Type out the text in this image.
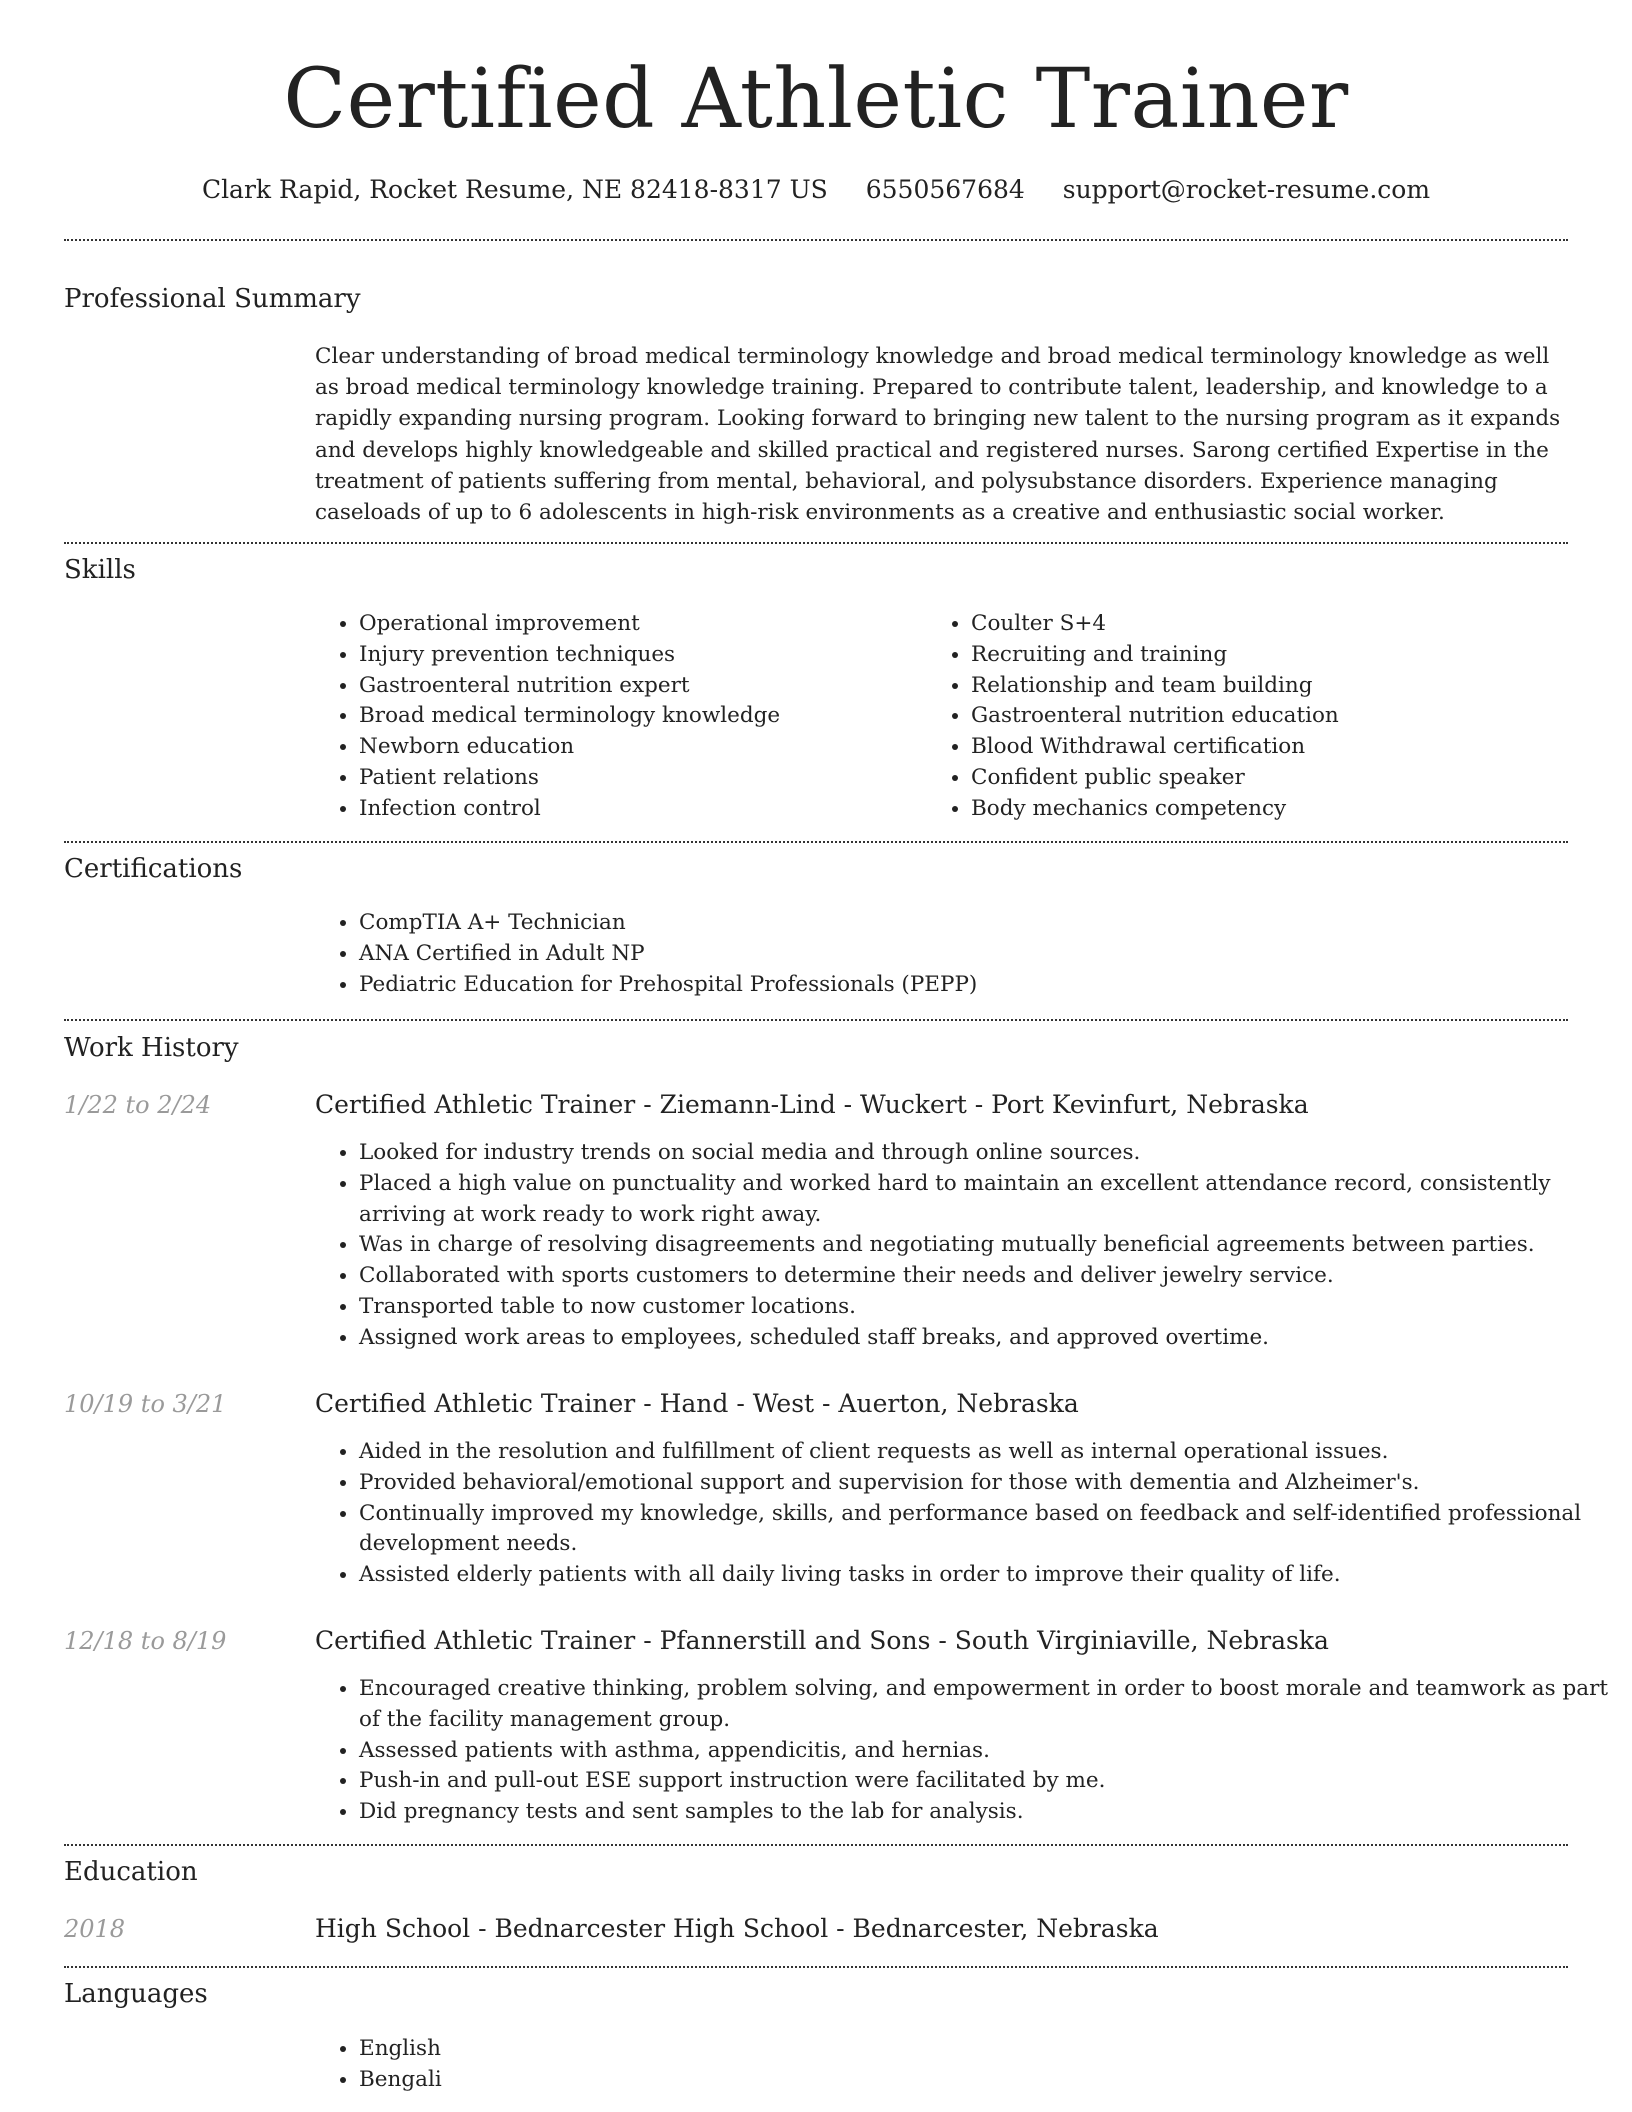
Certified Athletic Trainer
Clark Rapid, Rocket Resume, NE 82418-8317 US 6550567684 support@rocket-resume.com
Professional Summary

Clear understanding of broad medical terminology knowledge and broad medical terminology knowledge as well as broad medical terminology knowledge training. Prepared to contribute talent, leadership, and knowledge to a rapidly expanding nursing program. Looking forward to bringing new talent to the nursing program as it expands and develops highly knowledgeable and skilled practical and registered nurses. Sarong certified Expertise in the treatment of patients suffering from mental, behavioral, and polysubstance disorders. Experience managing caseloads of up to 6 adolescents in high-risk environments as a creative and enthusiastic social worker.

Skills
• Operational improvement
• Injury prevention techniques
• Gastroenteral nutrition expert
• Broad medical terminology knowledge
• Newborn education
• Patient relations
• Infection control
• Coulter S+4
• Recruiting and training
• Relationship and team building
• Gastroenteral nutrition education
• Blood Withdrawal certification
• Confident public speaker
• Body mechanics competency
Certifications
• CompTIA A+ Technician
• ANA Certified in Adult NP
• Pediatric Education for Prehospital Professionals (PEPP)
Work History
1/22 to 2/24	Certified Athletic Trainer - Ziemann-Lind - Wuckert - Port Kevinfurt, Nebraska
• Looked for industry trends on social media and through online sources.
• Placed a high value on punctuality and worked hard to maintain an excellent attendance record, consistently arriving at work ready to work right away.
• Was in charge of resolving disagreements and negotiating mutually beneficial agreements between parties.
• Collaborated with sports customers to determine their needs and deliver jewelry service.
• Transported table to now customer locations.
• Assigned work areas to employees, scheduled staff breaks, and approved overtime.
10/19 to 3/21	Certified Athletic Trainer - Hand - West - Auerton, Nebraska
• Aided in the resolution and fulfillment of client requests as well as internal operational issues.
• Provided behavioral/emotional support and supervision for those with dementia and Alzheimer's.
• Continually improved my knowledge, skills, and performance based on feedback and self-identified professional development needs.
• Assisted elderly patients with all daily living tasks in order to improve their quality of life.
12/18 to 8/19	Certified Athletic Trainer - Pfannerstill and Sons - South Virginiaville, Nebraska
• Encouraged creative thinking, problem solving, and empowerment in order to boost morale and teamwork as part of the facility management group.
• Assessed patients with asthma, appendicitis, and hernias.
• Push-in and pull-out ESE support instruction were facilitated by me.
• Did pregnancy tests and sent samples to the lab for analysis.
Education
2018	High School - Bednarcester High School - Bednarcester, Nebraska
Languages
• English
• Bengali
